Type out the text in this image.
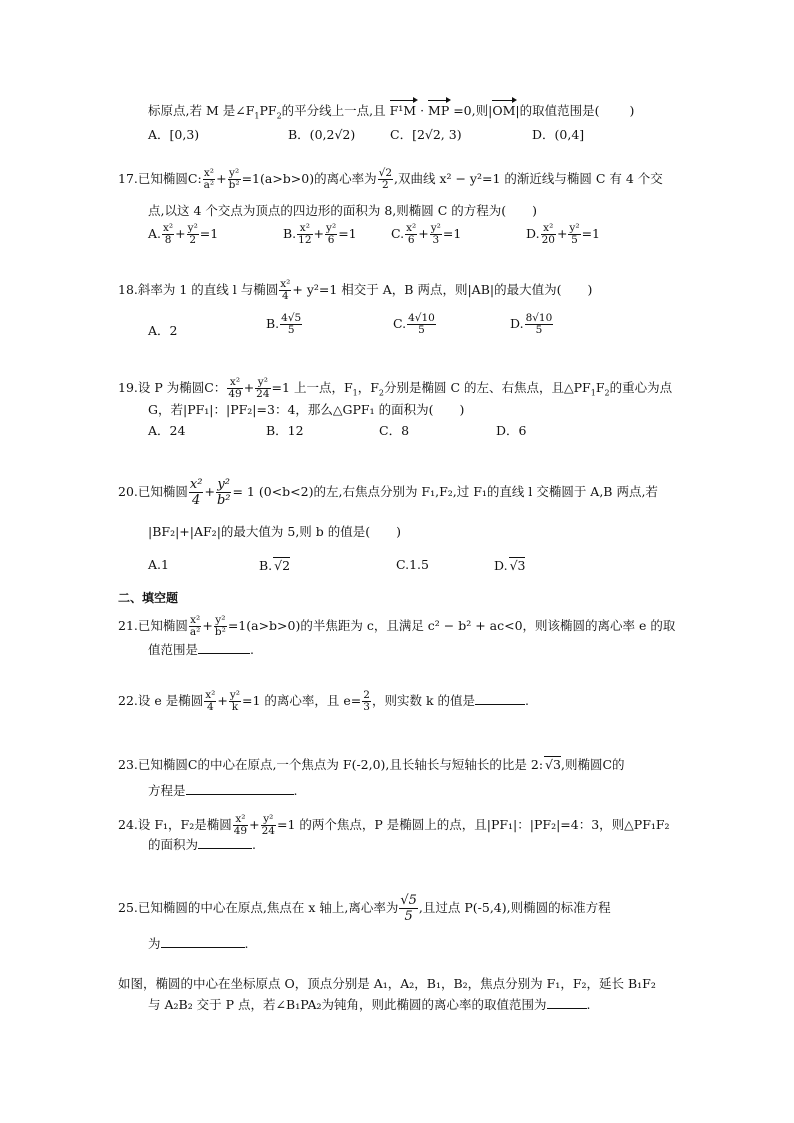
标原点,若 M 是$\angle F_1PF_2$的平分线上一点,且 F¹M · MP =0,则|OM|的取值范围是( )
A．[0,3)	B．(0,2√2)	C．[2√2, 3)	D．(0,4]
17.已知椭圆C: $\frac{\text{x²}}{\text{a²}} + \frac{\text{y²}}{\text{b²}} =1(a>b>0)$的离心率为 $\frac{√2}{2}$ ,双曲线 x² − y²=1 的渐近线与椭圆 C 有 4 个交
点,以这 4 个交点为顶点的四边形的面积为 8,则椭圆 C 的方程为( )
A. $\frac{\text{x²}}{8} + \frac{\text{y²}}{2} =1$	B. $\frac{\text{x²}}{12} + \frac{\text{y²}}{6} =1$	C. $\frac{\text{x²}}{6} + \frac{\text{y²}}{3} =1$	D. $\frac{\text{x²}}{20} + \frac{\text{y²}}{5} =1$
18.斜率为 1 的直线 l 与椭圆 $\frac{\text{x²}}{4} + y^2=1$ 相交于 A，B 两点，则|AB|的最大值为( )
A．2	B. $\frac{4√5}{5}$	C. $\frac{4√10}{5}$	D. $\frac{8√10}{5}$
19.设 P 为椭圆C： $\frac{\text{x²}}{49} + \frac{\text{y²}}{24} =1$ 上一点，$F_1$，$F_2$分别是椭圆 C 的左、右焦点，且$\triangle PF_1F_2$的重心为点
G，若|PF₁|：|PF₂|=3：4，那么△GPF₁ 的面积为( )
A．24	B．12	C．8	D．6
20.已知椭圆 $\frac{\text{x²}}{4} + \frac{\text{y²}}{\text{b²}} = 1$ (0<b<2)的左,右焦点分别为 F₁,F₂,过 F₁的直线 l 交椭圆于 A,B 两点,若
|BF₂|+|AF₂|的最大值为 5,则 b 的值是( )
A.1	B. √2	C.1.5	D. √3
二、填空题
21.已知椭圆 $\frac{\text{x²}}{\text{a²}} + \frac{\text{y²}}{\text{b²}} =1(a>b>0)$的半焦距为 c，且满足 c² − b² + ac<0，则该椭圆的离心率 e 的取
值范围是	.
22.设 e 是椭圆 $\frac{\text{x²}}{4} + \frac{\text{y²}}{k} =1$ 的离心率，且 $e= \frac{2}{3}$ ，则实数 k 的值是	.
23.已知椭圆C的中心在原点,一个焦点为 F(-2,0),且长轴长与短轴长的比是 2: √3,则椭圆C的
方程是	.
24.设 F₁，F₂是椭圆 $\frac{\text{x²}}{49} + \frac{\text{y²}}{24} =1$ 的两个焦点，P 是椭圆上的点，且|PF₁|：|PF₂|=4：3，则△PF₁F₂
的面积为	.
25.已知椭圆的中心在原点,焦点在 x 轴上,离心率为 $\frac{√5}{5}$ ,且过点 P(-5,4),则椭圆的标准方程
为	.
如图，椭圆的中心在坐标原点 O，顶点分别是 A₁，A₂，B₁，B₂，焦点分别为 F₁，F₂，延长 B₁F₂
与 A₂B₂ 交于 P 点，若∠B₁PA₂为钝角，则此椭圆的离心率的取值范围为	.
